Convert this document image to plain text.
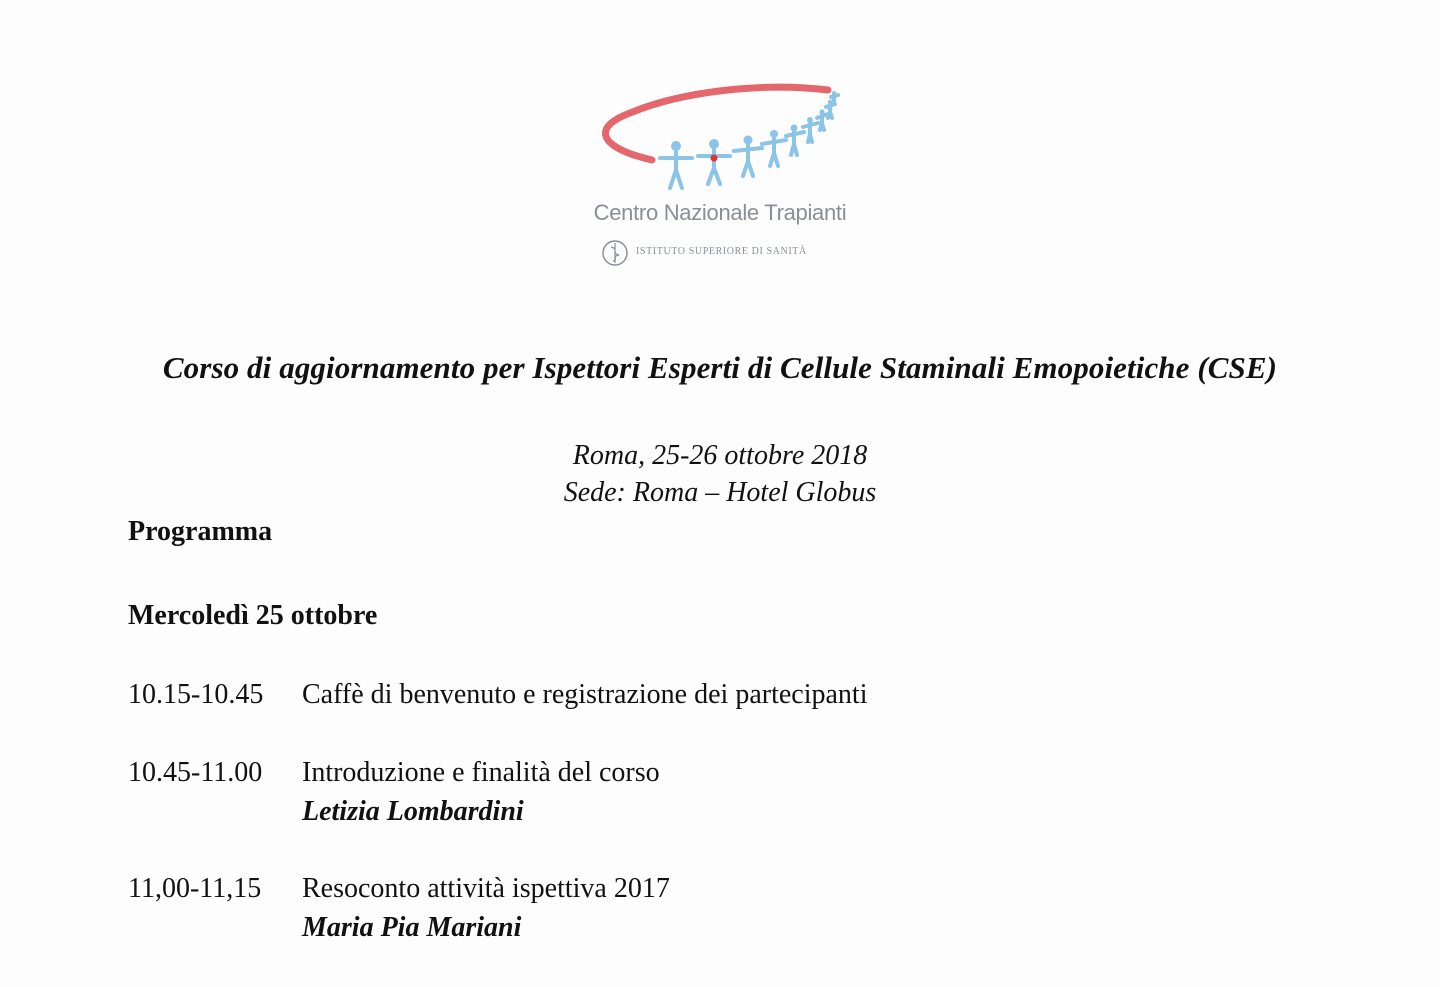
Centro Nazionale Trapianti
ISTITUTO SUPERIORE DI SANITÀ
Corso di aggiornamento per Ispettori Esperti di Cellule Staminali Emopoietiche (CSE)
Roma, 25-26 ottobre 2018
Sede: Roma – Hotel Globus
Programma
Mercoledì 25 ottobre
10.15-10.45 Caffè di benvenuto e registrazione dei partecipanti
10.45-11.00 Introduzione e finalità del corso
Letizia Lombardini
11,00-11,15 Resoconto attività ispettiva 2017
Maria Pia Mariani
